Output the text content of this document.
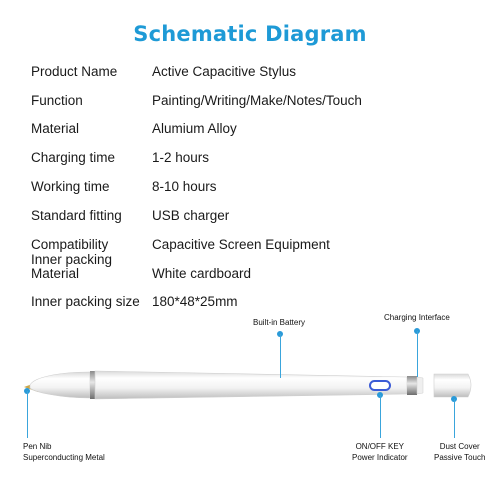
Schematic Diagram
Product Name	Active Capacitive Stylus
Function	Painting/Writing/Make/Notes/Touch
Material	Alumium Alloy
Charging time	1-2 hours
Working time	8-10 hours
Standard fitting	USB charger
Compatibility	Capacitive Screen Equipment
Inner packing Material	White cardboard
Inner packing size 180*48*25mm
Built-in Battery
Charging Interface
Pen Nib
Superconducting Metal
ON/OFF KEY
Power Indicator
Dust Cover
Passive Touch
